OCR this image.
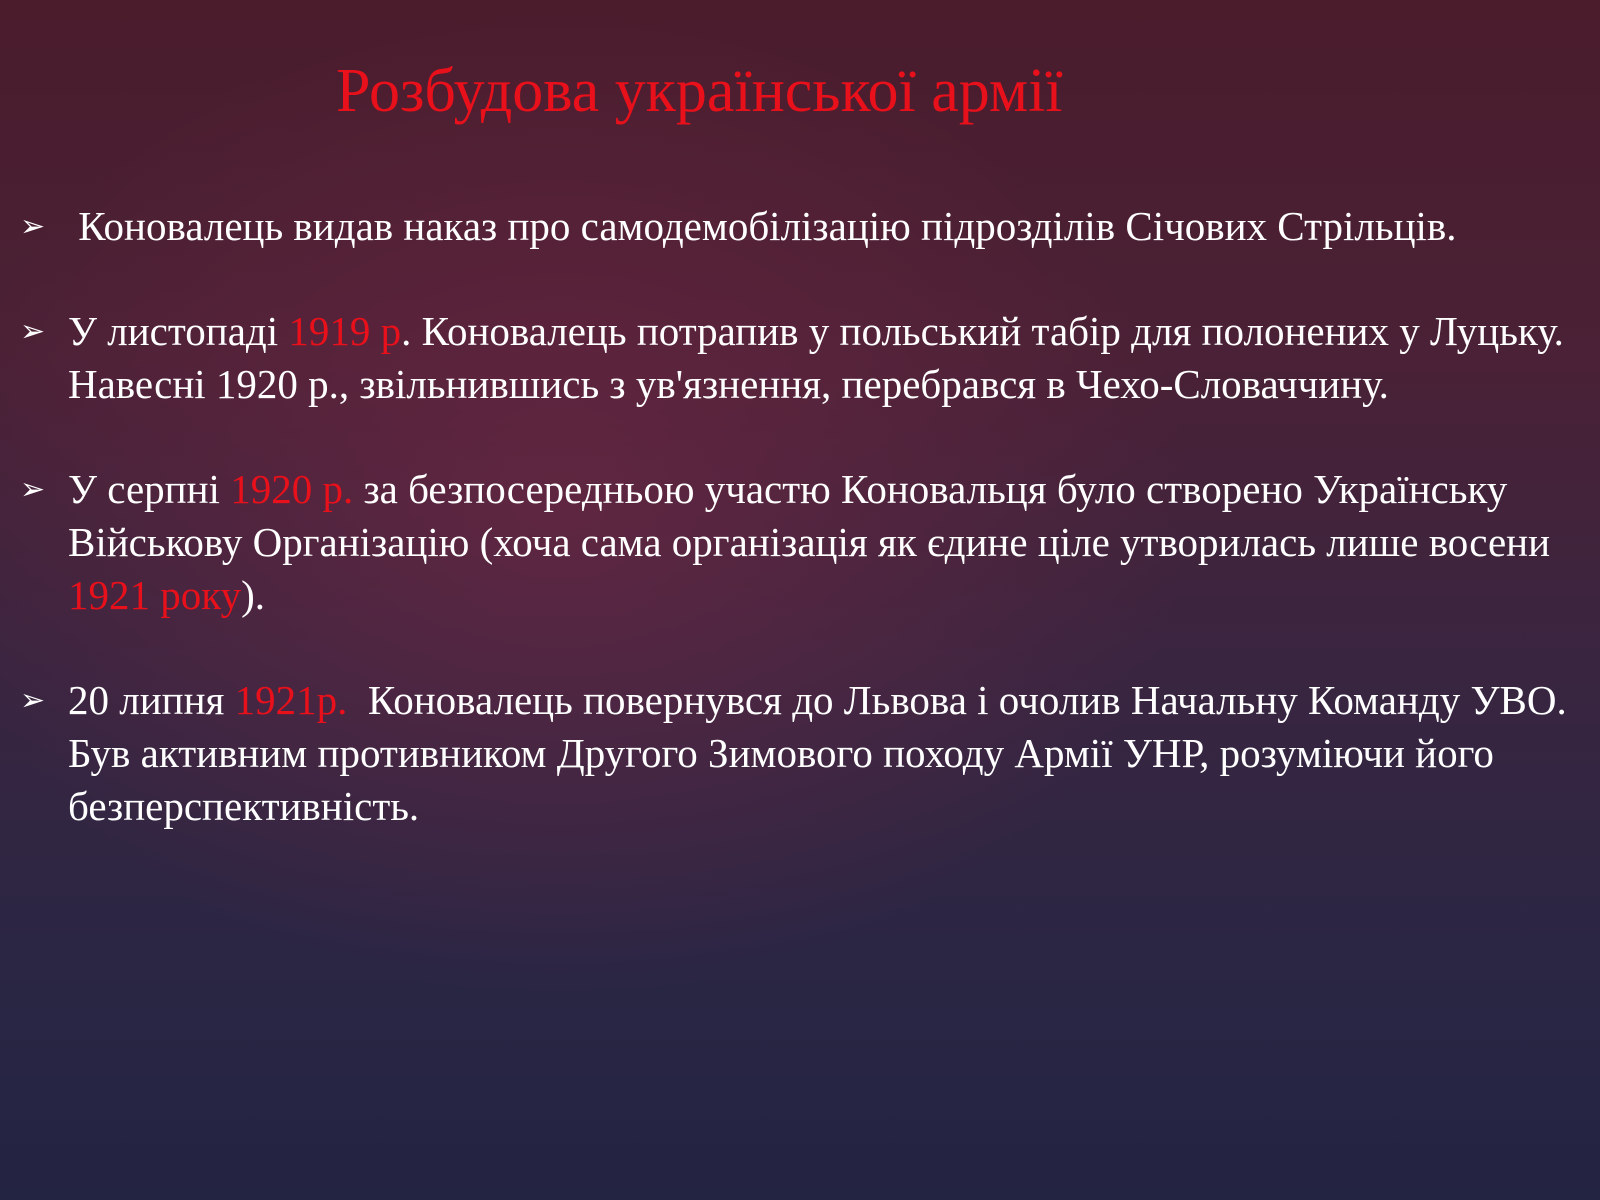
Розбудова української армії
➢ Коновалець видав наказ про самодемобілізацію підрозділів Січових Стрільців.
➢ У листопаді 1919 р. Коновалець потрапив у польський табір для полонених у Луцьку. Навесні 1920 р., звільнившись з ув'язнення, перебрався в Чехо-Словаччину.
➢ У серпні 1920 р. за безпосередньою участю Коновальця було створено Українську Військову Організацію (хоча сама організація як єдине ціле утворилась лише восени 1921 року).
➢ 20 липня 1921р.  Коновалець повернувся до Львова і очолив Начальну Команду УВО. Був активним противником Другого Зимового походу Армії УНР, розуміючи його безперспективність.
